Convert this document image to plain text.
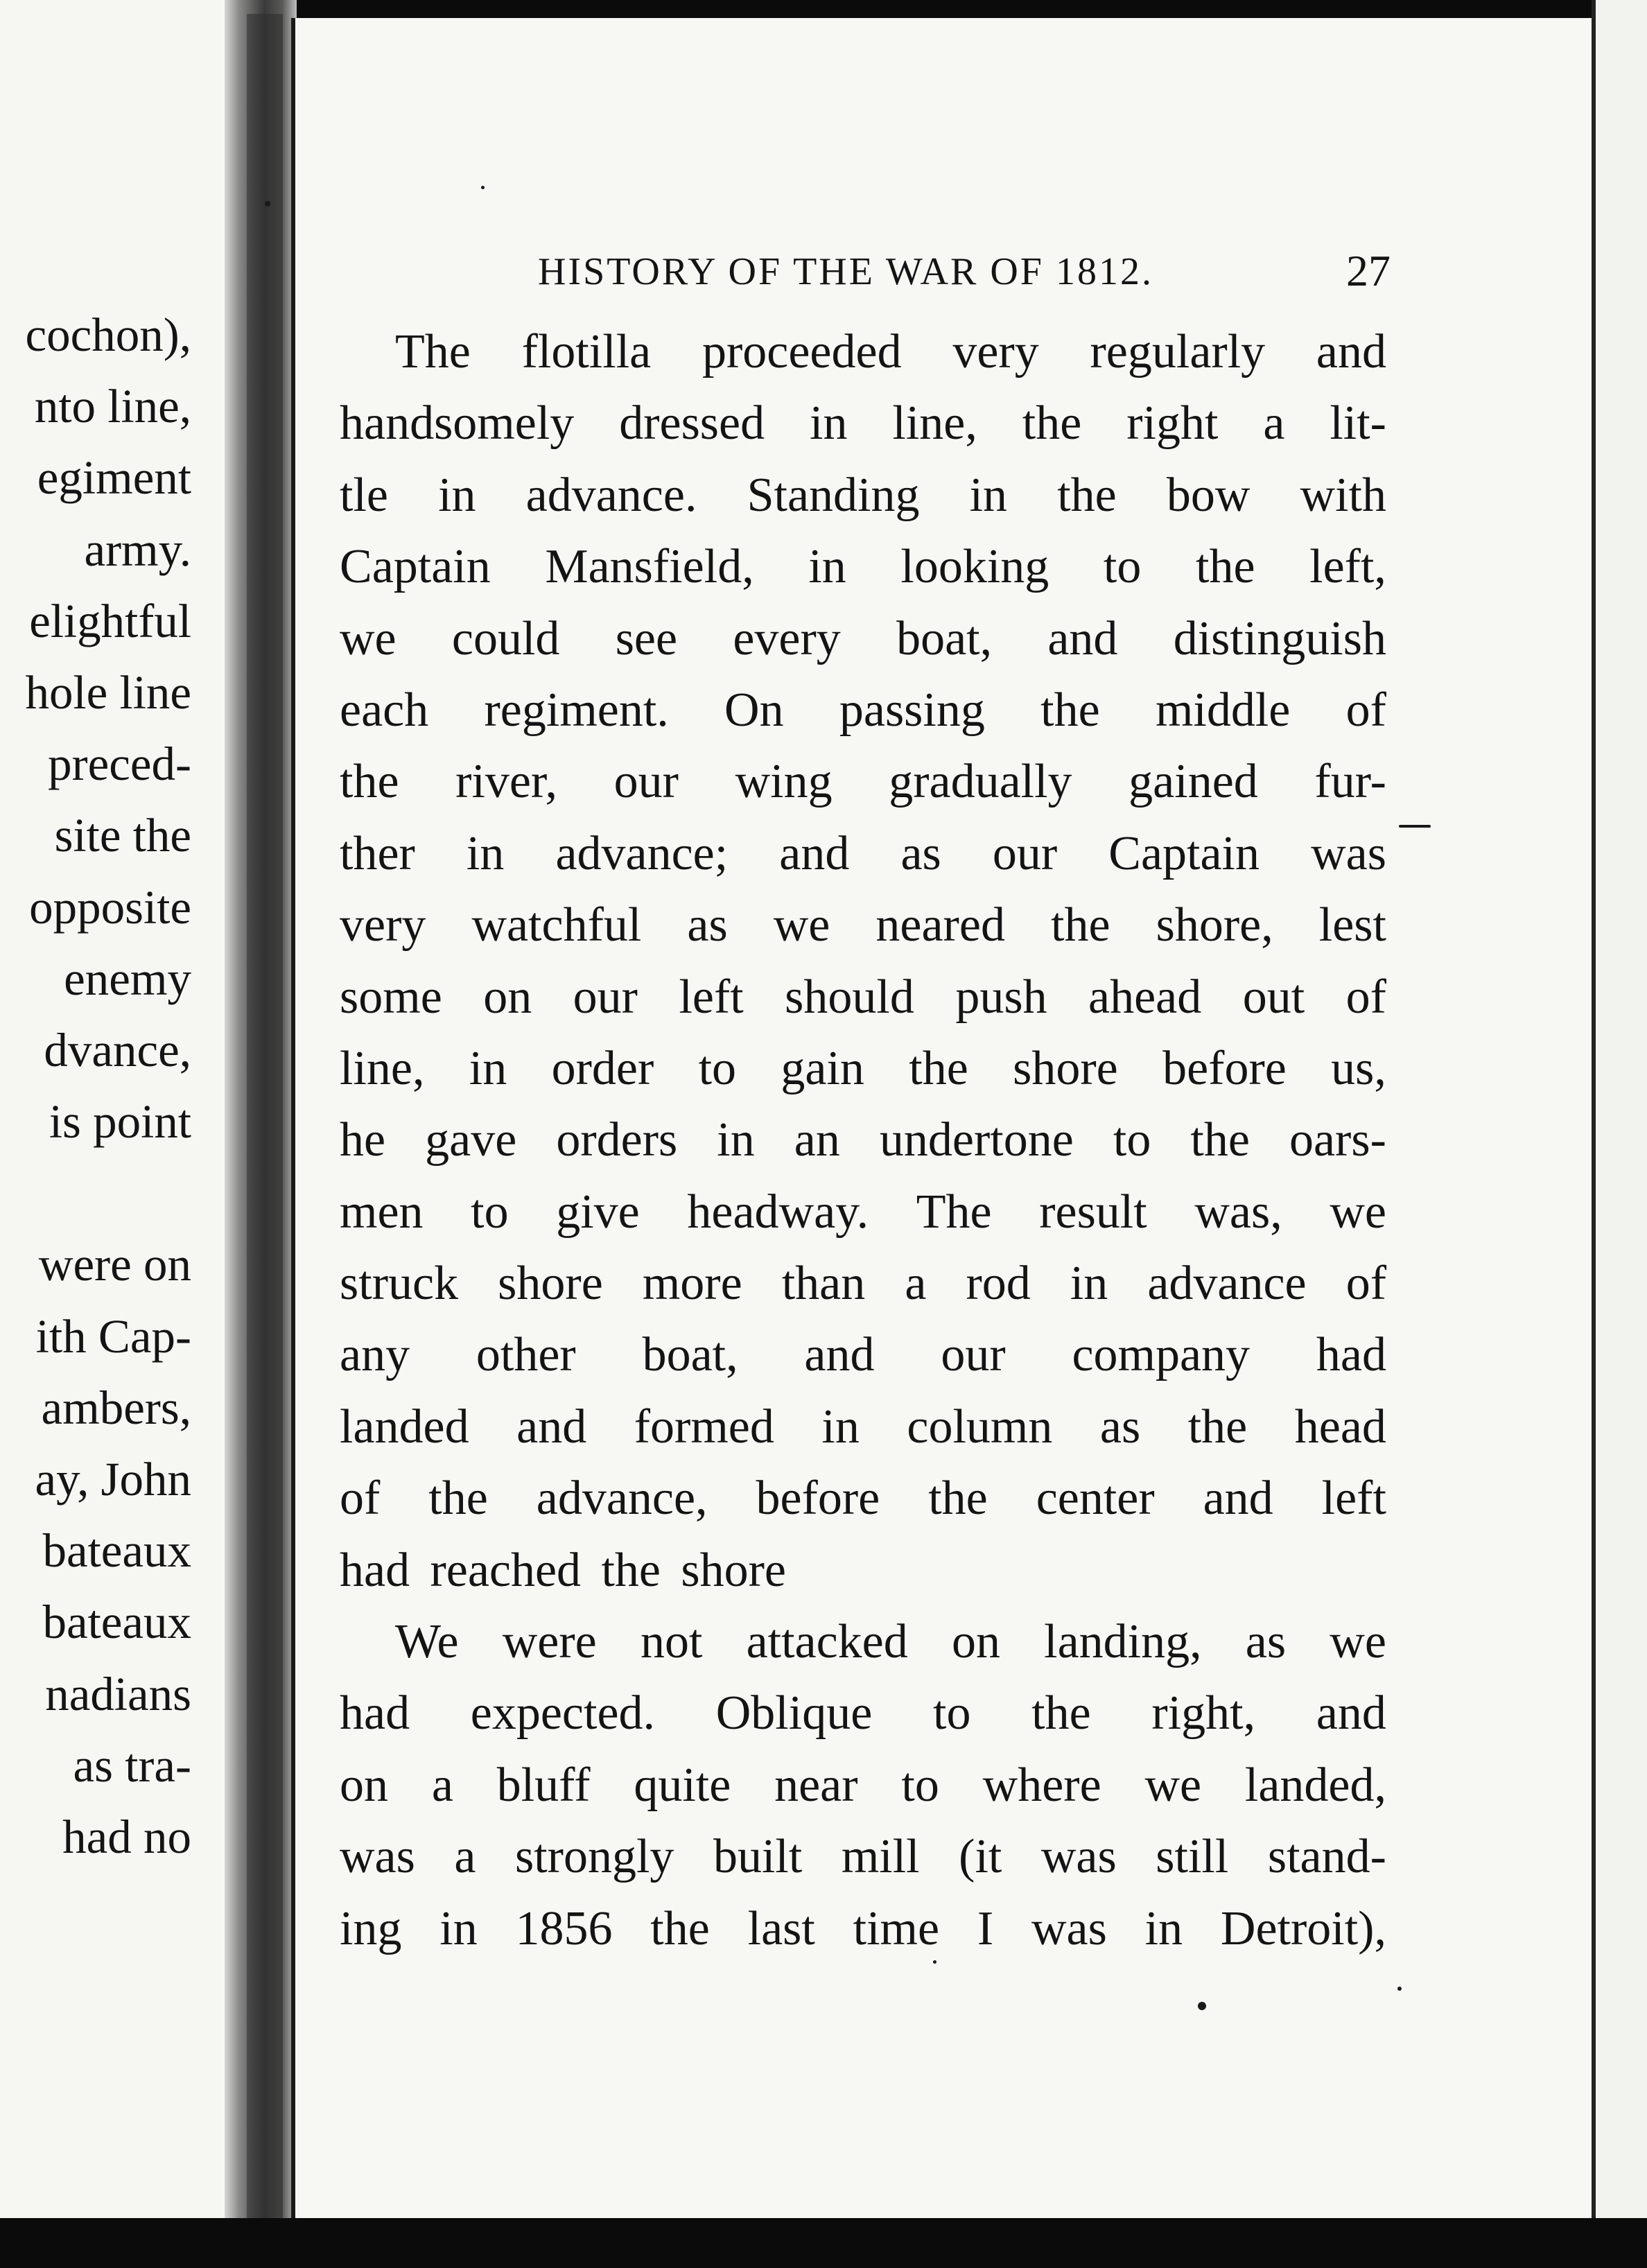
cochon),
nto line,
egiment
army.
elightful
hole line
preced-
site the
opposite
enemy
dvance,
is point
were on
ith Cap-
ambers,
ay, John
bateaux
bateaux
nadians
as tra-
had no
HISTORY OF THE WAR OF 1812.	27
The flotilla proceeded very regularly and
handsomely dressed in line, the right a lit-
tle in advance. Standing in the bow with
Captain Mansfield, in looking to the left,
we could see every boat, and distinguish
each regiment. On passing the middle of
the river, our wing gradually gained fur-
ther in advance; and as our Captain was
very watchful as we neared the shore, lest
some on our left should push ahead out of
line, in order to gain the shore before us,
he gave orders in an undertone to the oars-
men to give headway. The result was, we
struck shore more than a rod in advance of
any other boat, and our company had
landed and formed in column as the head
of the advance, before the center and left
had reached the shore
We were not attacked on landing, as we
had expected. Oblique to the right, and
on a bluff quite near to where we landed,
was a strongly built mill (it was still stand-
ing in 1856 the last time I was in Detroit),
